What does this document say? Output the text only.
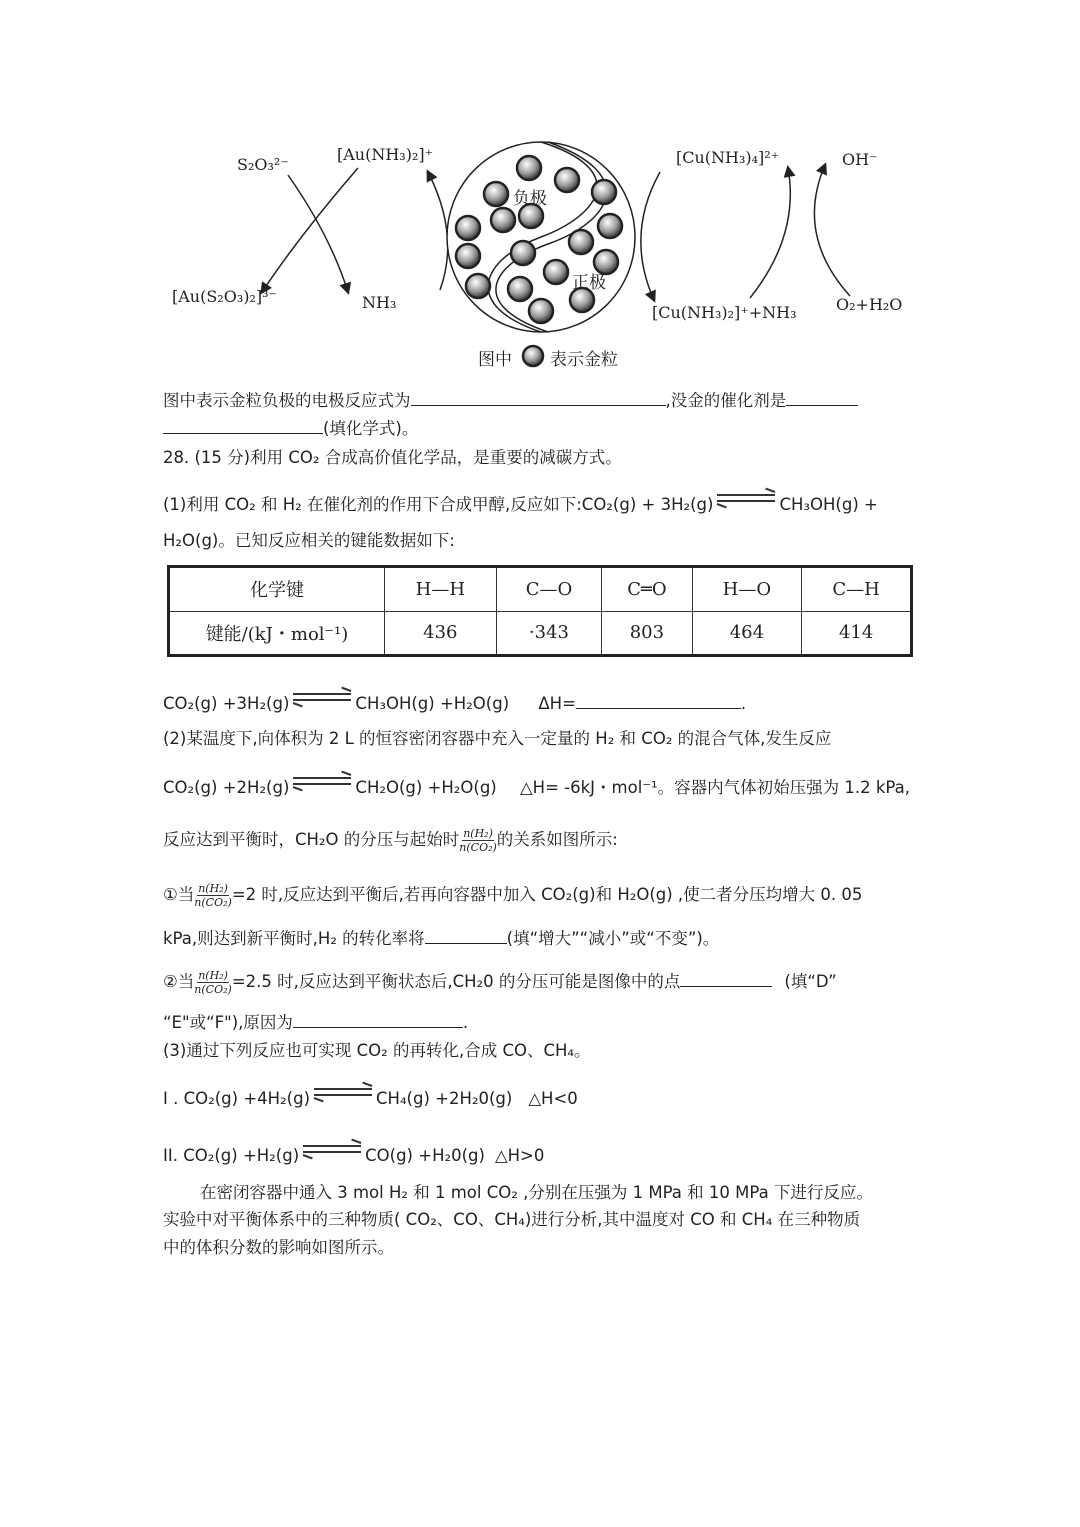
S₂O₃²⁻
[Au(NH₃)₂]⁺
[Au(S₂O₃)₂]³⁻	NH₃
[Cu(NH₃)₄]²⁺	OH⁻
[Cu(NH₃)₂]⁺+NH₃ O₂+H₂O
负极
正极
图中 表示金粒
图中表示金粒负极的电极反应式为	,没金的催化剂是
(填化学式)。
28. (15 分)利用 CO₂ 合成高价值化学品，是重要的减碳方式。
(1)利用 CO₂ 和 H₂ 在催化剂的作用下合成甲醇,反应如下:CO₂(g) + 3H₂(g)	CH₃OH(g) +
H₂O(g)。已知反应相关的键能数据如下:
化学键	H—H	C—O	C═O	H—O	C—H
键能/(kJ・mol⁻¹)	436	·343	803	464	414
CO₂(g) +3H₂(g)	CH₃OH(g) +H₂O(g) ΔH=	.
(2)某温度下,向体积为 2 L 的恒容密闭容器中充入一定量的 H₂ 和 CO₂ 的混合气体,发生反应
CO₂(g) +2H₂(g)	CH₂O(g) +H₂O(g) △H= -6kJ・mol⁻¹。容器内气体初始压强为 1.2 kPa,
反应达到平衡时，CH₂O 的分压与起始时 $\frac{\text{n(H₂)}}{\text{n(CO₂)}}$ 的关系如图所示:
①当 $\frac{\text{n(H₂)}}{\text{n(CO₂)}} =2$ 时,反应达到平衡后,若再向容器中加入 CO₂(g)和 H₂O(g) ,使二者分压均增大 0. 05
kPa,则达到新平衡时,H₂ 的转化率将	(填“增大”“减小”或“不变”)。
②当 $\frac{\text{n(H₂)}}{\text{n(CO₂)}} =2.5$ 时,反应达到平衡状态后,CH₂0 的分压可能是图像中的点	(填“D”
“E"或“F"),原因为	.
(3)通过下列反应也可实现 CO₂ 的再转化,合成 CO、CH₄。
I . CO₂(g) +4H₂(g)	CH₄(g) +2H₂0(g) △H<0
II. CO₂(g) +H₂(g)	CO(g) +H₂0(g) △H>0
在密闭容器中通入 3 mol H₂ 和 1 mol CO₂ ,分别在压强为 1 MPa 和 10 MPa 下进行反应。
实验中对平衡体系中的三种物质( CO₂、CO、CH₄)进行分析,其中温度对 CO 和 CH₄ 在三种物质
中的体积分数的影响如图所示。
